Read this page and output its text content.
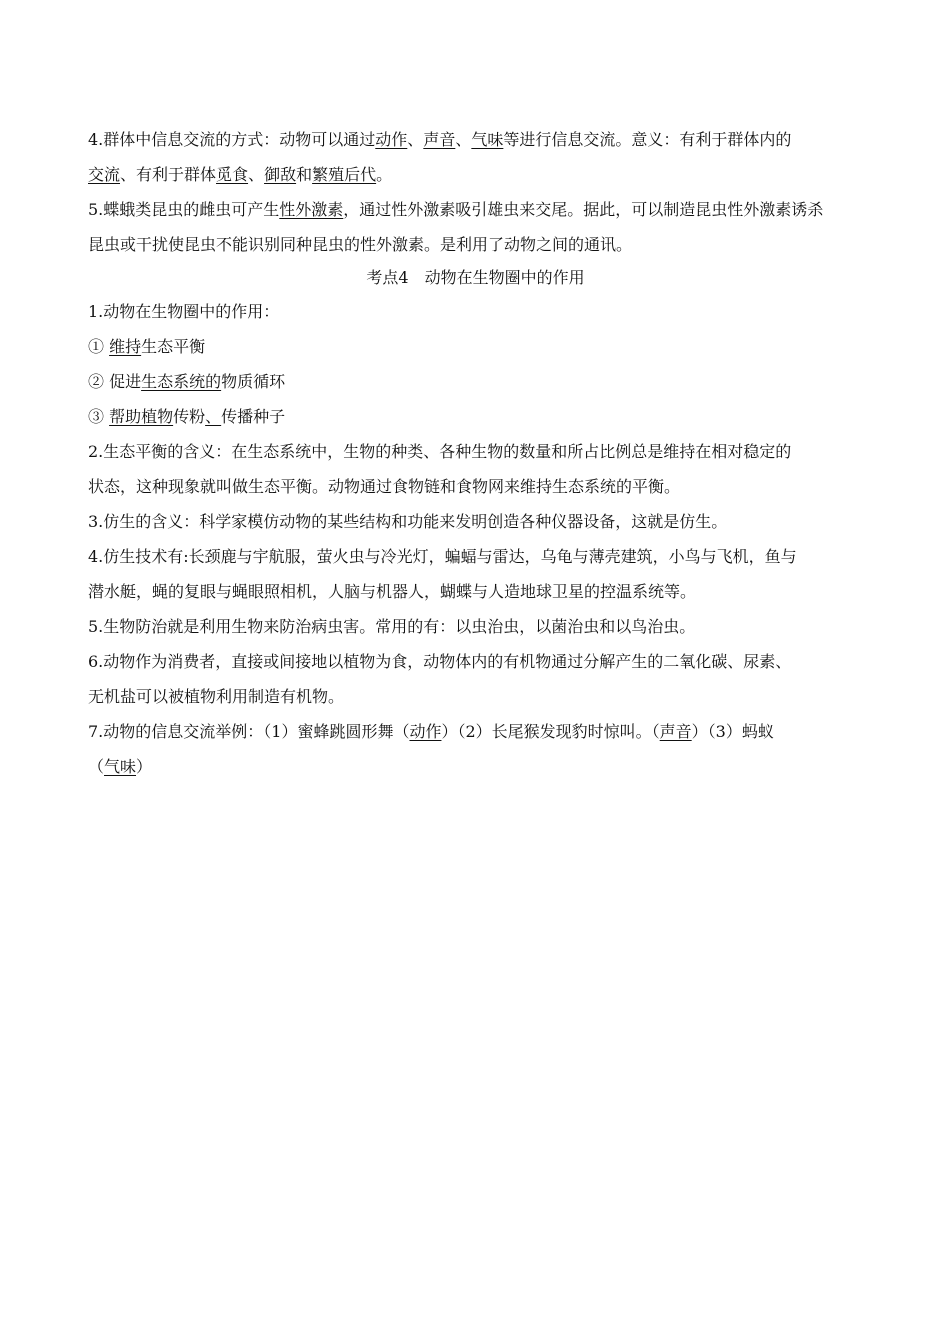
4.群体中信息交流的方式：动物可以通过动作、声音、气味等进行信息交流。意义：有利于群体内的

交流、有利于群体觅食、御敌和繁殖后代。

5.蝶蛾类昆虫的雌虫可产生性外激素，通过性外激素吸引雄虫来交尾。据此，可以制造昆虫性外激素诱杀

昆虫或干扰使昆虫不能识别同种昆虫的性外激素。是利用了动物之间的通讯。

考点4　动物在生物圈中的作用

1.动物在生物圈中的作用：

① 维持生态平衡

② 促进生态系统的物质循环

③ 帮助植物传粉、传播种子

2.生态平衡的含义：在生态系统中，生物的种类、各种生物的数量和所占比例总是维持在相对稳定的

状态，这种现象就叫做生态平衡。动物通过食物链和食物网来维持生态系统的平衡。

3.仿生的含义：科学家模仿动物的某些结构和功能来发明创造各种仪器设备，这就是仿生。

4.仿生技术有:长颈鹿与宇航服，萤火虫与冷光灯，蝙蝠与雷达，乌龟与薄壳建筑，小鸟与飞机，鱼与

潜水艇，蝇的复眼与蝇眼照相机，人脑与机器人，蝴蝶与人造地球卫星的控温系统等。

5.生物防治就是利用生物来防治病虫害。常用的有：以虫治虫，以菌治虫和以鸟治虫。

6.动物作为消费者，直接或间接地以植物为食，动物体内的有机物通过分解产生的二氧化碳、尿素、

无机盐可以被植物利用制造有机物。

7.动物的信息交流举例：（1）蜜蜂跳圆形舞（动作）（2）长尾猴发现豹时惊叫。（声音）（3）蚂蚁

（气味）
